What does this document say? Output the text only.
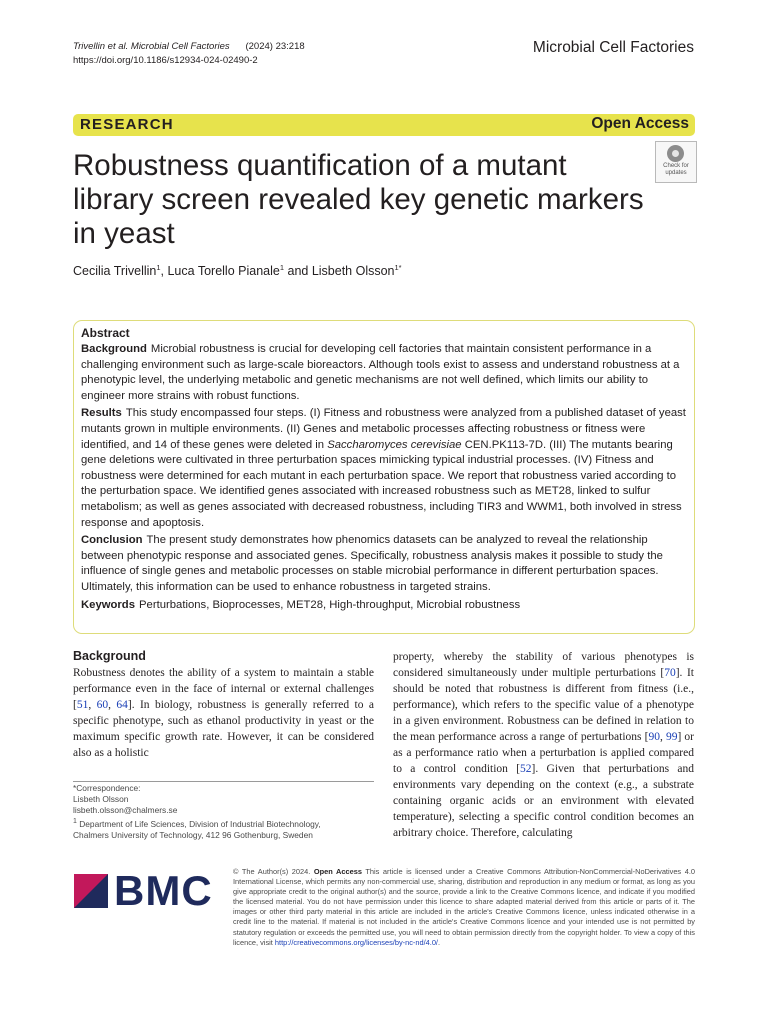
Trivellin et al. Microbial Cell Factories (2024) 23:218
https://doi.org/10.1186/s12934-024-02490-2
Microbial Cell Factories
RESEARCH	Open Access
Robustness quantification of a mutant library screen revealed key genetic markers in yeast
Check for
updates
Cecilia Trivellin$^1$, Luca Torello Pianale$^1$ and Lisbeth Olsson$^{1*}$

Abstract

Background Microbial robustness is crucial for developing cell factories that maintain consistent performance in a challenging environment such as large-scale bioreactors. Although tools exist to assess and understand robustness at a phenotypic level, the underlying metabolic and genetic mechanisms are not well defined, which limits our ability to engineer more strains with robust functions.

Results This study encompassed four steps. (I) Fitness and robustness were analyzed from a published dataset of yeast mutants grown in multiple environments. (II) Genes and metabolic processes affecting robustness or fitness were identified, and 14 of these genes were deleted in Saccharomyces cerevisiae CEN.PK113-7D. (III) The mutants bearing gene deletions were cultivated in three perturbation spaces mimicking typical industrial processes. (IV) Fitness and robustness were determined for each mutant in each perturbation space. We report that robustness varied according to the perturbation space. We identified genes associated with increased robustness such as MET28, linked to sulfur metabolism; as well as genes associated with decreased robustness, including TIR3 and WWM1, both involved in stress response and apoptosis.

Conclusion The present study demonstrates how phenomics datasets can be analyzed to reveal the relationship between phenotypic response and associated genes. Specifically, robustness analysis makes it possible to study the influence of single genes and metabolic processes on stable microbial performance in different perturbation spaces. Ultimately, this information can be used to enhance robustness in targeted strains.

Keywords Perturbations, Bioprocesses, MET28, High-throughput, Microbial robustness

Background

Robustness denotes the ability of a system to maintain a stable performance even in the face of internal or external challenges [51, 60, 64]. In biology, robustness is generally referred to a specific phenotype, such as ethanol productivity in yeast or the maximum specific growth rate. However, it can be considered also as a holistic

property, whereby the stability of various phenotypes is considered simultaneously under multiple perturbations [70]. It should be noted that robustness is different from fitness (i.e., performance), which refers to the specific value of a phenotype in a given environment. Robustness can be defined in relation to the mean performance across a range of perturbations [90, 99] or as a performance ratio when a perturbation is applied compared to a control condition [52]. Given that perturbations and environments vary depending on the context (e.g., a substrate containing organic acids or an environment with elevated temperature), selecting a specific control condition becomes an arbitrary choice. Therefore, calculating

*Correspondence:

Lisbeth Olsson

lisbeth.olsson@chalmers.se

$^1$ Department of Life Sciences, Division of Industrial Biotechnology,

Chalmers University of Technology, 412 96 Gothenburg, Sweden

BMC	© The Author(s) 2024. Open Access This article is licensed under a Creative Commons Attribution-NonCommercial-NoDerivatives 4.0 International License, which permits any non-commercial use, sharing, distribution and reproduction in any medium or format, as long as you give appropriate credit to the original author(s) and the source, provide a link to the Creative Commons licence, and indicate if you modified the licensed material. You do not have permission under this licence to share adapted material derived from this article or parts of it. The images or other third party material in this article are included in the article's Creative Commons licence, unless indicated otherwise in a credit line to the material. If material is not included in the article's Creative Commons licence and your intended use is not permitted by statutory regulation or exceeds the permitted use, you will need to obtain permission directly from the copyright holder. To view a copy of this licence, visit http://creativecommons.org/licenses/by-nc-nd/4.0/.
